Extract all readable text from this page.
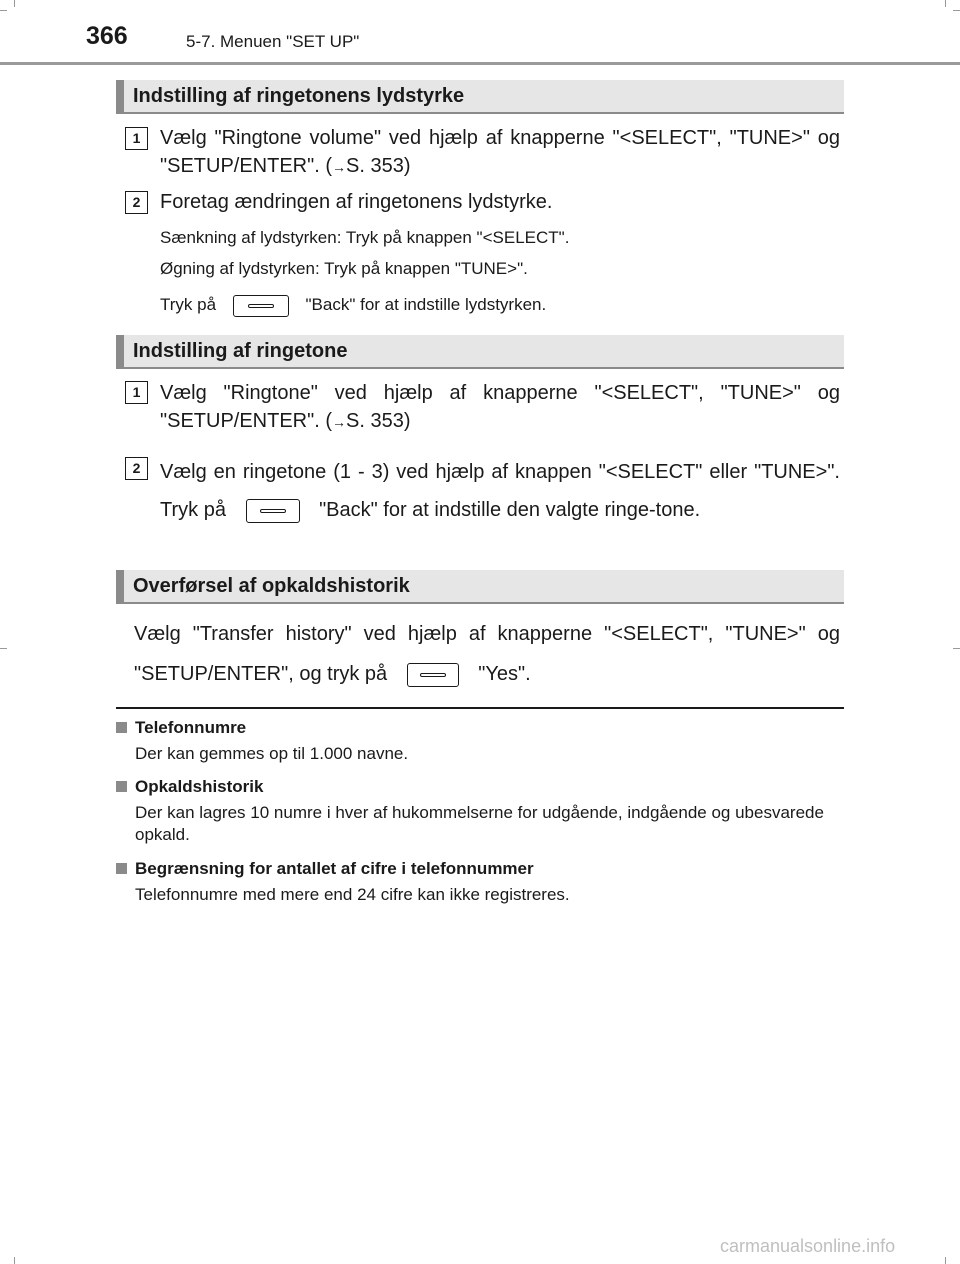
366	5-7. Menuen "SET UP"
Indstilling af ringetonens lydstyrke
1 Vælg "Ringtone volume" ved hjælp af knapperne "<SELECT", "TUNE>" og "SETUP/ENTER". (→S. 353)
2 Foretag ændringen af ringetonens lydstyrke.
Sænkning af lydstyrken: Tryk på knappen "<SELECT".
Øgning af lydstyrken: Tryk på knappen "TUNE>".
Tryk på	"Back" for at indstille lydstyrken.
Indstilling af ringetone
1 Vælg "Ringtone" ved hjælp af knapperne "<SELECT", "TUNE>" og "SETUP/ENTER". (→S. 353)
2 Vælg en ringetone (1 - 3) ved hjælp af knappen "<SELECT" eller "TUNE>". Tryk på	"Back" for at indstille den valgte ringe-tone.
Overførsel af opkaldshistorik
Vælg "Transfer history" ved hjælp af knapperne "<SELECT", "TUNE>" og "SETUP/ENTER", og tryk på	"Yes".
Telefonnumre
Der kan gemmes op til 1.000 navne.
Opkaldshistorik
Der kan lagres 10 numre i hver af hukommelserne for udgående, indgående og ubesvarede opkald.
Begrænsning for antallet af cifre i telefonnummer
Telefonnumre med mere end 24 cifre kan ikke registreres.
carmanualsonline.info
